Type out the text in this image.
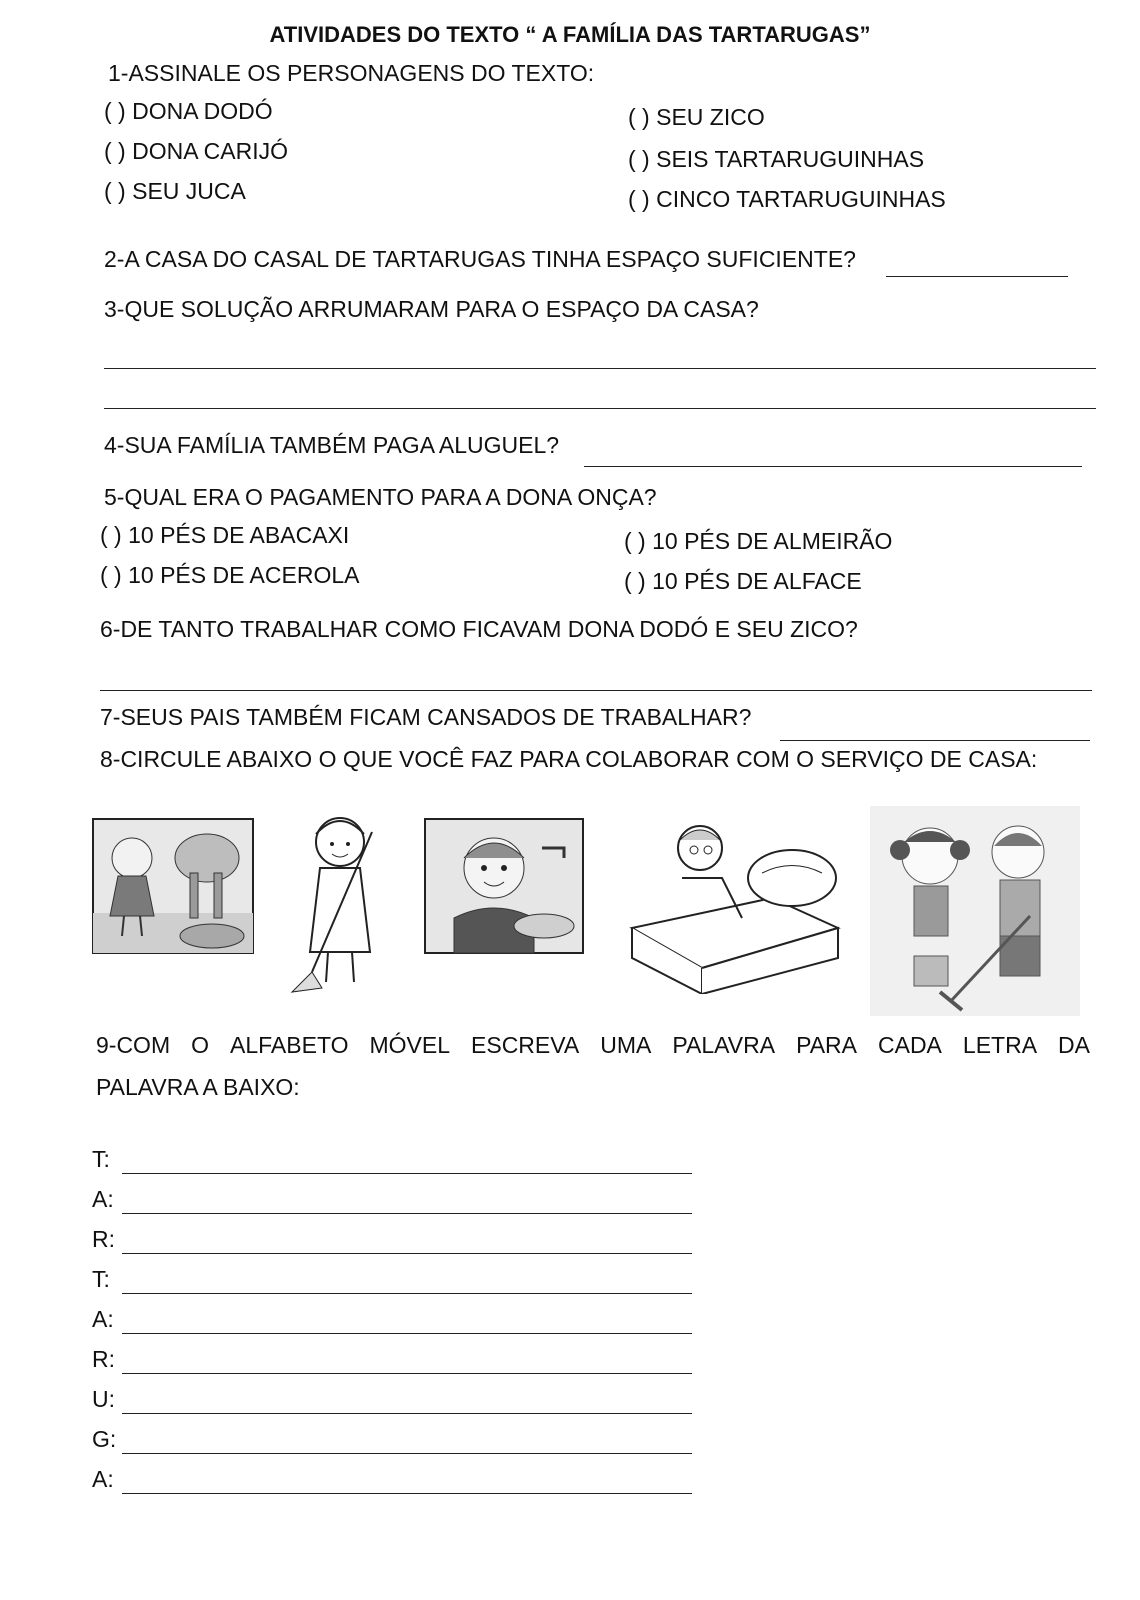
ATIVIDADES DO TEXTO “ A FAMÍLIA DAS TARTARUGAS”
1-ASSINALE OS PERSONAGENS DO TEXTO:
( ) DONA DODÓ
( ) DONA CARIJÓ
( ) SEU JUCA
( ) SEU ZICO
( ) SEIS TARTARUGUINHAS
( ) CINCO TARTARUGUINHAS
2-A CASA DO CASAL DE TARTARUGAS TINHA ESPAÇO SUFICIENTE?
3-QUE SOLUÇÃO ARRUMARAM PARA O ESPAÇO DA CASA?
4-SUA FAMÍLIA TAMBÉM PAGA ALUGUEL?
5-QUAL ERA O PAGAMENTO PARA A DONA ONÇA?
( ) 10 PÉS DE ABACAXI
( ) 10 PÉS DE ACEROLA
( ) 10 PÉS DE ALMEIRÃO
( ) 10 PÉS DE ALFACE
6-DE TANTO TRABALHAR COMO FICAVAM DONA DODÓ E SEU ZICO?
7-SEUS PAIS TAMBÉM FICAM CANSADOS DE TRABALHAR?
8-CIRCULE ABAIXO O QUE VOCÊ FAZ PARA COLABORAR COM O SERVIÇO DE CASA:
9-COM O ALFABETO MÓVEL ESCREVA UMA PALAVRA PARA CADA LETRA DA
PALAVRA A BAIXO:
T:
A:
R:
T:
A:
R:
U:
G:
A:
